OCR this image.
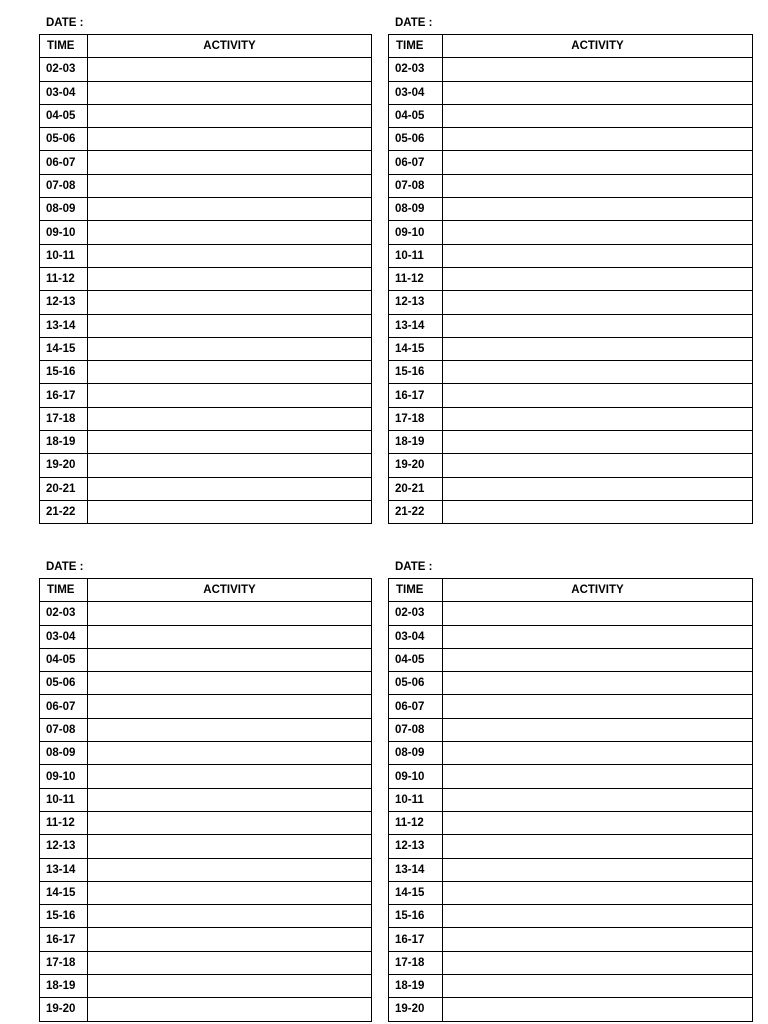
DATE :
TIME	ACTIVITY
02-03	
03-04	
04-05	
05-06	
06-07	
07-08	
08-09	
09-10	
10-11	
11-12	
12-13	
13-14	
14-15	
15-16	
16-17	
17-18	
18-19	
19-20	
20-21	
21-22	
DATE :
TIME	ACTIVITY
02-03	
03-04	
04-05	
05-06	
06-07	
07-08	
08-09	
09-10	
10-11	
11-12	
12-13	
13-14	
14-15	
15-16	
16-17	
17-18	
18-19	
19-20	
20-21	
21-22	
DATE :
TIME	ACTIVITY
02-03	
03-04	
04-05	
05-06	
06-07	
07-08	
08-09	
09-10	
10-11	
11-12	
12-13	
13-14	
14-15	
15-16	
16-17	
17-18	
18-19	
19-20	
DATE :
TIME	ACTIVITY
02-03	
03-04	
04-05	
05-06	
06-07	
07-08	
08-09	
09-10	
10-11	
11-12	
12-13	
13-14	
14-15	
15-16	
16-17	
17-18	
18-19	
19-20	
